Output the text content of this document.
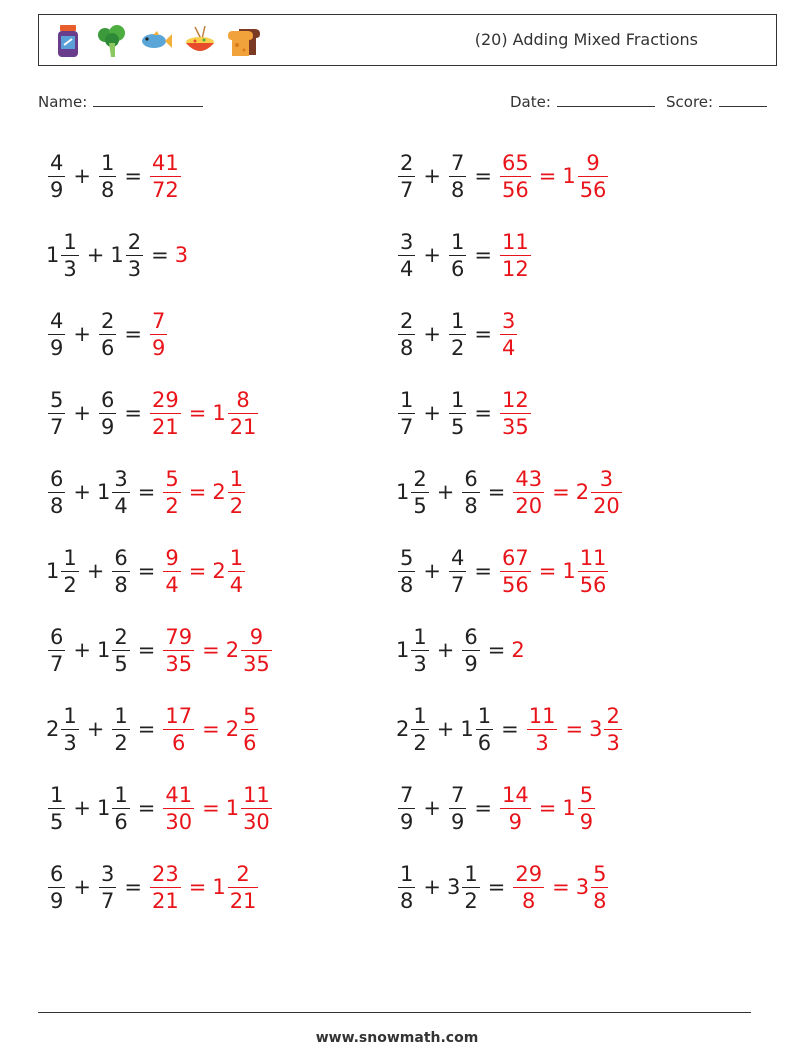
(20) Adding Mixed Fractions
Name:	Date:	Score:
$\frac{4}{9} + \frac{1}{8} = \frac{41}{72}$	$\frac{2}{7} + \frac{7}{8} = \frac{65}{56} = 1 \frac{9}{56}$
$1 \frac{1}{3} + 1 \frac{2}{3} = 3$	$\frac{3}{4} + \frac{1}{6} = \frac{11}{12}$
$\frac{4}{9} + \frac{2}{6} = \frac{7}{9}$	$\frac{2}{8} + \frac{1}{2} = \frac{3}{4}$
$\frac{5}{7} + \frac{6}{9} = \frac{29}{21} = 1 \frac{8}{21}$	$\frac{1}{7} + \frac{1}{5} = \frac{12}{35}$
$\frac{6}{8} + 1 \frac{3}{4} = \frac{5}{2} = 2 \frac{1}{2}$	$1 \frac{2}{5} + \frac{6}{8} = \frac{43}{20} = 2 \frac{3}{20}$
$1 \frac{1}{2} + \frac{6}{8} = \frac{9}{4} = 2 \frac{1}{4}$	$\frac{5}{8} + \frac{4}{7} = \frac{67}{56} = 1 \frac{11}{56}$
$\frac{6}{7} + 1 \frac{2}{5} = \frac{79}{35} = 2 \frac{9}{35}$	$1 \frac{1}{3} + \frac{6}{9} = 2$
$2 \frac{1}{3} + \frac{1}{2} = \frac{17}{6} = 2 \frac{5}{6}$	$2 \frac{1}{2} + 1 \frac{1}{6} = \frac{11}{3} = 3 \frac{2}{3}$
$\frac{1}{5} + 1 \frac{1}{6} = \frac{41}{30} = 1 \frac{11}{30}$	$\frac{7}{9} + \frac{7}{9} = \frac{14}{9} = 1 \frac{5}{9}$
$\frac{6}{9} + \frac{3}{7} = \frac{23}{21} = 1 \frac{2}{21}$	$\frac{1}{8} + 3 \frac{1}{2} = \frac{29}{8} = 3 \frac{5}{8}$
www.snowmath.com
